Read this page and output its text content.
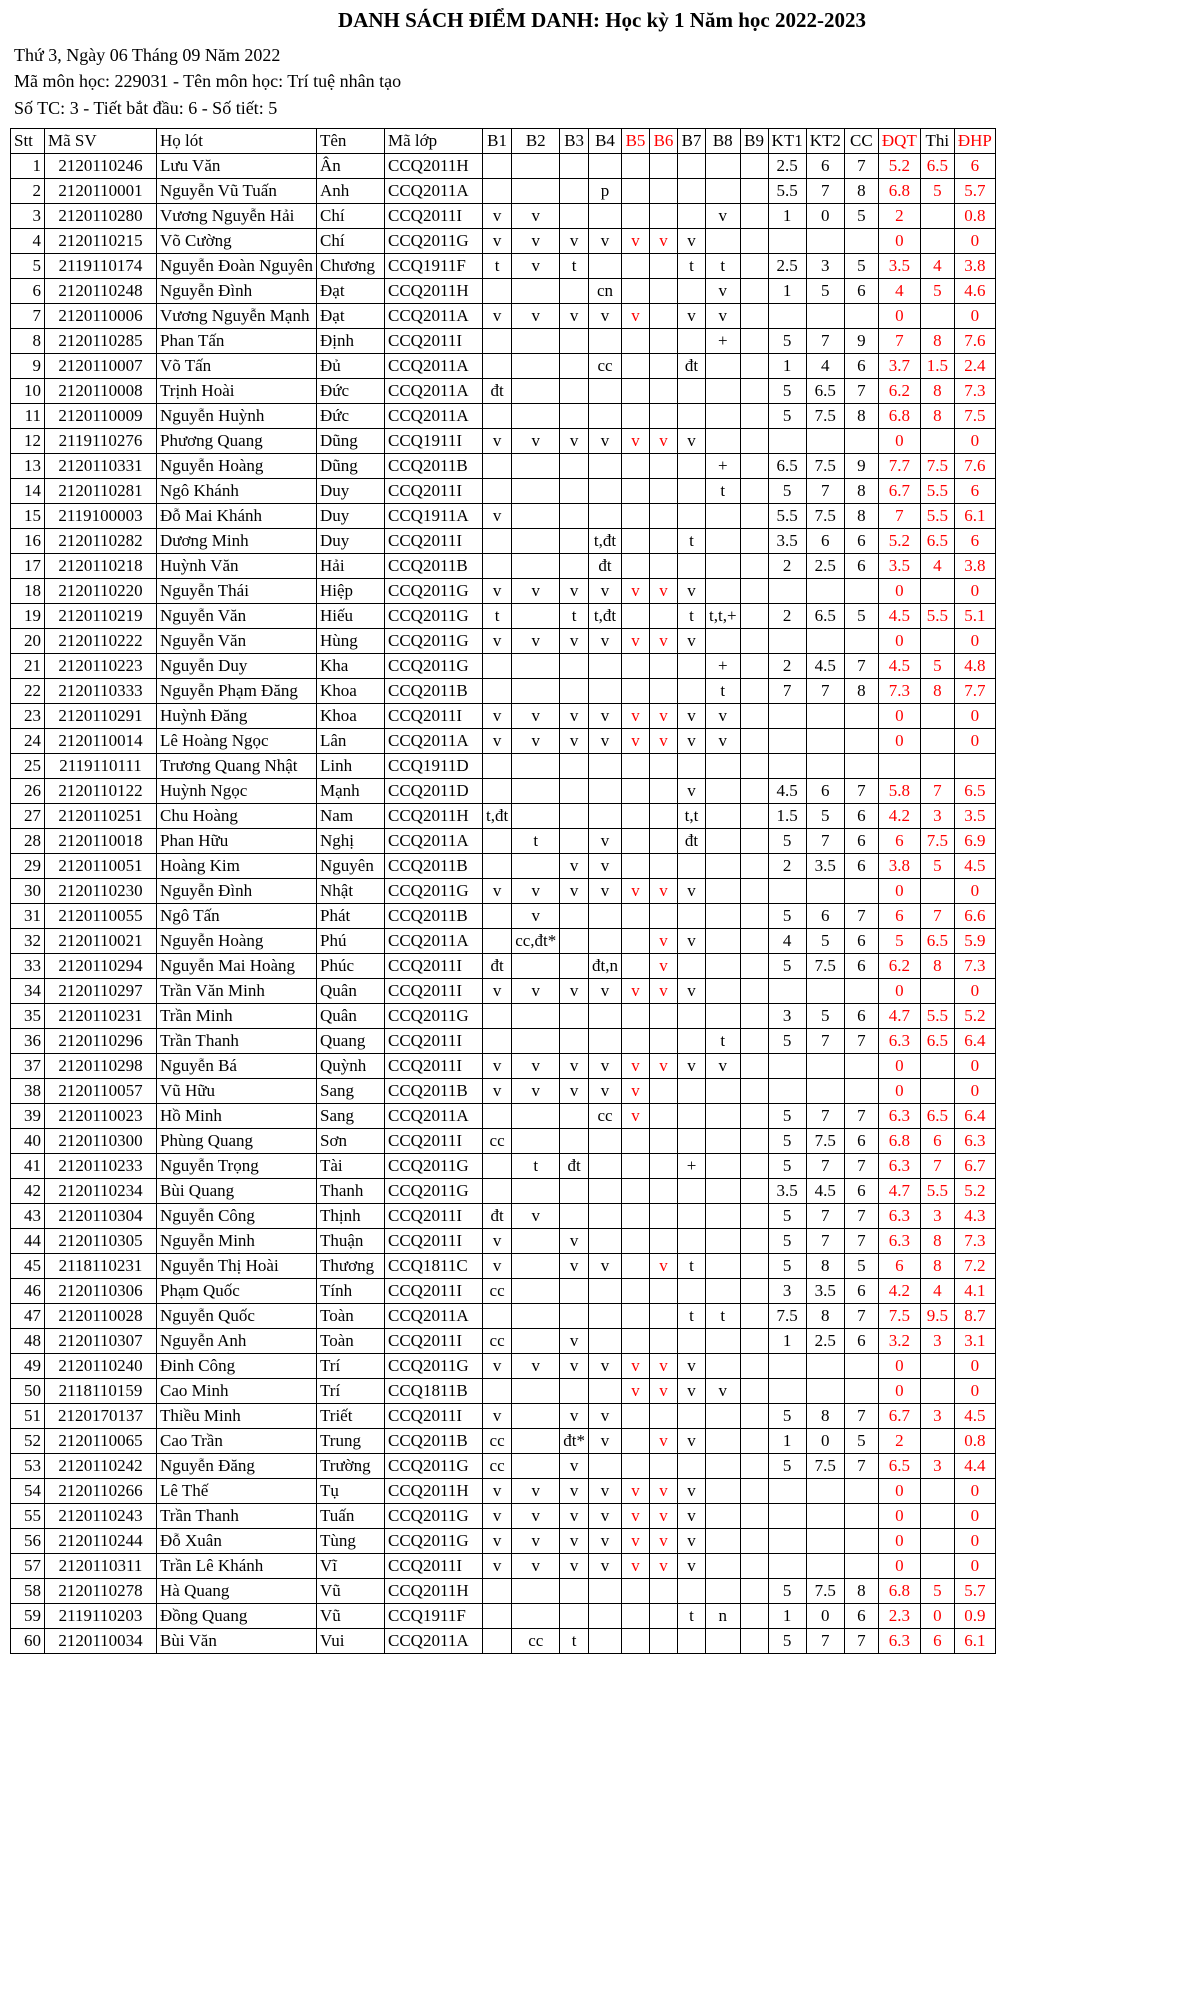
DANH SÁCH ĐIỂM DANH: Học kỳ 1 Năm học 2022-2023
Thứ 3, Ngày 06 Tháng 09 Năm 2022
Mã môn học: 229031 - Tên môn học: Trí tuệ nhân tạo
Số TC: 3 - Tiết bắt đầu: 6 - Số tiết: 5
Stt	Mã SV	Họ lót	Tên	Mã lớp	B1	B2	B3	B4	B5	B6	B7	B8	B9	KT1	KT2	CC	ĐQT	Thi	ĐHP
1	2120110246	Lưu Văn	Ân	CCQ2011H										2.5	6	7	5.2	6.5	6
2	2120110001	Nguyễn Vũ Tuấn	Anh	CCQ2011A				p						5.5	7	8	6.8	5	5.7
3	2120110280	Vương Nguyễn Hải	Chí	CCQ2011I	v	v						v		1	0	5	2		0.8
4	2120110215	Võ Cường	Chí	CCQ2011G	v	v	v	v	v	v	v						0		0
5	2119110174	Nguyễn Đoàn Nguyên	Chương	CCQ1911F	t	v	t				t	t		2.5	3	5	3.5	4	3.8
6	2120110248	Nguyễn Đình	Đạt	CCQ2011H				cn				v		1	5	6	4	5	4.6
7	2120110006	Vương Nguyễn Mạnh	Đạt	CCQ2011A	v	v	v	v	v		v	v					0		0
8	2120110285	Phan Tấn	Định	CCQ2011I								+		5	7	9	7	8	7.6
9	2120110007	Võ Tấn	Đủ	CCQ2011A				cc			đt			1	4	6	3.7	1.5	2.4
10	2120110008	Trịnh Hoài	Đức	CCQ2011A	đt									5	6.5	7	6.2	8	7.3
11	2120110009	Nguyễn Huỳnh	Đức	CCQ2011A										5	7.5	8	6.8	8	7.5
12	2119110276	Phương Quang	Dũng	CCQ1911I	v	v	v	v	v	v	v						0		0
13	2120110331	Nguyễn Hoàng	Dũng	CCQ2011B								+		6.5	7.5	9	7.7	7.5	7.6
14	2120110281	Ngô Khánh	Duy	CCQ2011I								t		5	7	8	6.7	5.5	6
15	2119100003	Đỗ Mai Khánh	Duy	CCQ1911A	v									5.5	7.5	8	7	5.5	6.1
16	2120110282	Dương Minh	Duy	CCQ2011I				t,đt			t			3.5	6	6	5.2	6.5	6
17	2120110218	Huỳnh Văn	Hải	CCQ2011B				đt						2	2.5	6	3.5	4	3.8
18	2120110220	Nguyễn Thái	Hiệp	CCQ2011G	v	v	v	v	v	v	v						0		0
19	2120110219	Nguyễn Văn	Hiếu	CCQ2011G	t		t	t,đt			t	t,t,+		2	6.5	5	4.5	5.5	5.1
20	2120110222	Nguyễn Văn	Hùng	CCQ2011G	v	v	v	v	v	v	v						0		0
21	2120110223	Nguyễn Duy	Kha	CCQ2011G								+		2	4.5	7	4.5	5	4.8
22	2120110333	Nguyễn Phạm Đăng	Khoa	CCQ2011B								t		7	7	8	7.3	8	7.7
23	2120110291	Huỳnh Đăng	Khoa	CCQ2011I	v	v	v	v	v	v	v	v					0		0
24	2120110014	Lê Hoàng Ngọc	Lân	CCQ2011A	v	v	v	v	v	v	v	v					0		0
25	2119110111	Trương Quang Nhật	Linh	CCQ1911D															
26	2120110122	Huỳnh Ngọc	Mạnh	CCQ2011D							v			4.5	6	7	5.8	7	6.5
27	2120110251	Chu Hoàng	Nam	CCQ2011H	t,đt						t,t			1.5	5	6	4.2	3	3.5
28	2120110018	Phan Hữu	Nghị	CCQ2011A		t		v			đt			5	7	6	6	7.5	6.9
29	2120110051	Hoàng Kim	Nguyên	CCQ2011B			v	v						2	3.5	6	3.8	5	4.5
30	2120110230	Nguyễn Đình	Nhật	CCQ2011G	v	v	v	v	v	v	v						0		0
31	2120110055	Ngô Tấn	Phát	CCQ2011B		v								5	6	7	6	7	6.6
32	2120110021	Nguyễn Hoàng	Phú	CCQ2011A		cc,đt*				v	v			4	5	6	5	6.5	5.9
33	2120110294	Nguyễn Mai Hoàng	Phúc	CCQ2011I	đt			đt,n		v				5	7.5	6	6.2	8	7.3
34	2120110297	Trần Văn Minh	Quân	CCQ2011I	v	v	v	v	v	v	v						0		0
35	2120110231	Trần Minh	Quân	CCQ2011G										3	5	6	4.7	5.5	5.2
36	2120110296	Trần Thanh	Quang	CCQ2011I								t		5	7	7	6.3	6.5	6.4
37	2120110298	Nguyễn Bá	Quỳnh	CCQ2011I	v	v	v	v	v	v	v	v					0		0
38	2120110057	Vũ Hữu	Sang	CCQ2011B	v	v	v	v	v								0		0
39	2120110023	Hồ Minh	Sang	CCQ2011A				cc	v					5	7	7	6.3	6.5	6.4
40	2120110300	Phùng Quang	Sơn	CCQ2011I	cc									5	7.5	6	6.8	6	6.3
41	2120110233	Nguyễn Trọng	Tài	CCQ2011G		t	đt				+			5	7	7	6.3	7	6.7
42	2120110234	Bùi Quang	Thanh	CCQ2011G										3.5	4.5	6	4.7	5.5	5.2
43	2120110304	Nguyễn Công	Thịnh	CCQ2011I	đt	v								5	7	7	6.3	3	4.3
44	2120110305	Nguyễn Minh	Thuận	CCQ2011I	v		v							5	7	7	6.3	8	7.3
45	2118110231	Nguyễn Thị Hoài	Thương	CCQ1811C	v		v	v		v	t			5	8	5	6	8	7.2
46	2120110306	Phạm Quốc	Tính	CCQ2011I	cc									3	3.5	6	4.2	4	4.1
47	2120110028	Nguyễn Quốc	Toàn	CCQ2011A							t	t		7.5	8	7	7.5	9.5	8.7
48	2120110307	Nguyễn Anh	Toàn	CCQ2011I	cc		v							1	2.5	6	3.2	3	3.1
49	2120110240	Đinh Công	Trí	CCQ2011G	v	v	v	v	v	v	v						0		0
50	2118110159	Cao Minh	Trí	CCQ1811B					v	v	v	v					0		0
51	2120170137	Thiều Minh	Triết	CCQ2011I	v		v	v						5	8	7	6.7	3	4.5
52	2120110065	Cao Trần	Trung	CCQ2011B	cc		đt*	v		v	v			1	0	5	2		0.8
53	2120110242	Nguyễn Đăng	Trường	CCQ2011G	cc		v							5	7.5	7	6.5	3	4.4
54	2120110266	Lê Thế	Tụ	CCQ2011H	v	v	v	v	v	v	v						0		0
55	2120110243	Trần Thanh	Tuấn	CCQ2011G	v	v	v	v	v	v	v						0		0
56	2120110244	Đỗ Xuân	Tùng	CCQ2011G	v	v	v	v	v	v	v						0		0
57	2120110311	Trần Lê Khánh	Vĩ	CCQ2011I	v	v	v	v	v	v	v						0		0
58	2120110278	Hà Quang	Vũ	CCQ2011H										5	7.5	8	6.8	5	5.7
59	2119110203	Đồng Quang	Vũ	CCQ1911F							t	n		1	0	6	2.3	0	0.9
60	2120110034	Bùi Văn	Vui	CCQ2011A		cc	t							5	7	7	6.3	6	6.1
